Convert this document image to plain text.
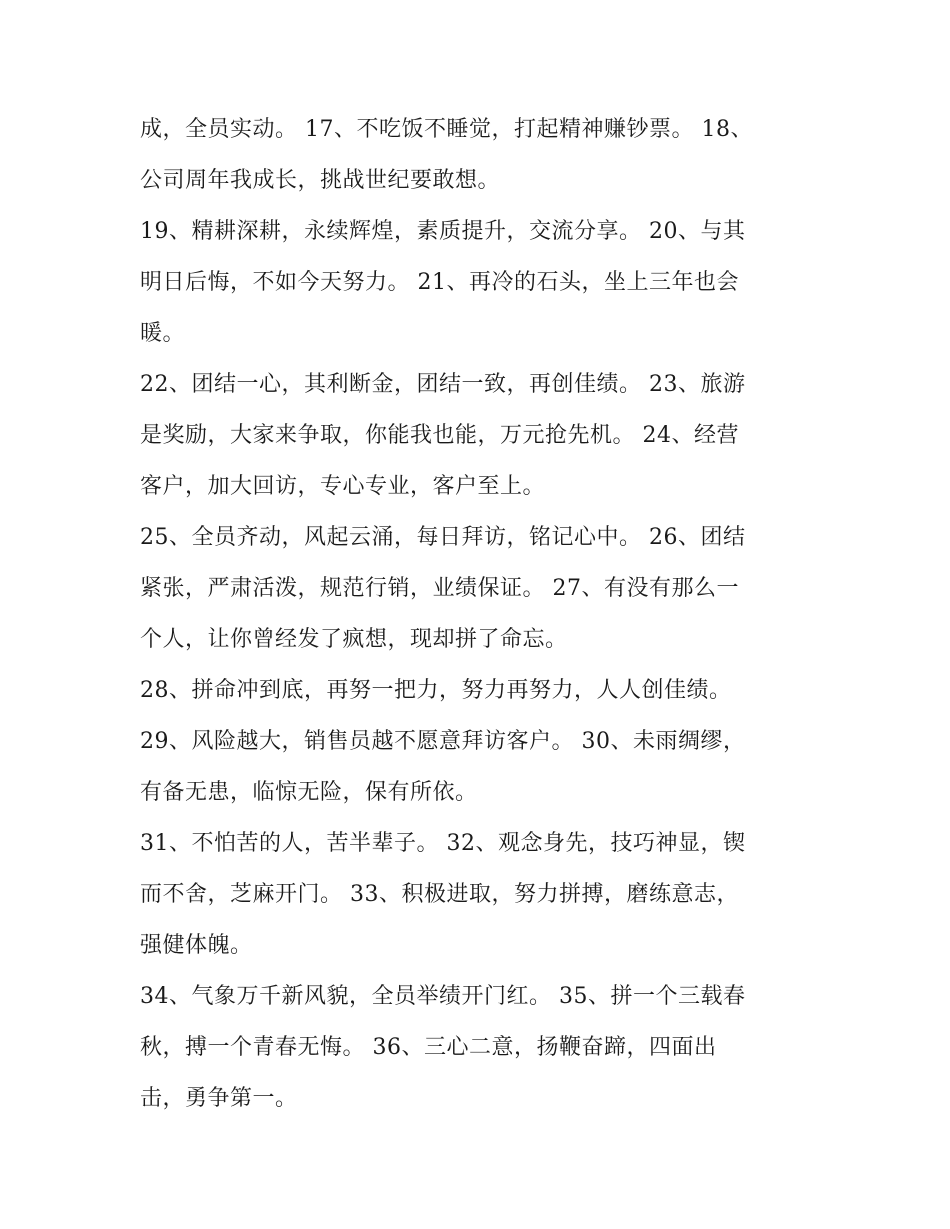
成，全员实动。 17、不吃饭不睡觉，打起精神赚钞票。 18、
公司周年我成长，挑战世纪要敢想。

19、精耕深耕，永续辉煌，素质提升，交流分享。 20、与其
明日后悔，不如今天努力。 21、再冷的石头，坐上三年也会
暖。

22、团结一心，其利断金，团结一致，再创佳绩。 23、旅游
是奖励，大家来争取，你能我也能，万元抢先机。 24、经营
客户，加大回访，专心专业，客户至上。

25、全员齐动，风起云涌，每日拜访，铭记心中。 26、团结
紧张，严肃活泼，规范行销，业绩保证。 27、有没有那么一
个人，让你曾经发了疯想，现却拼了命忘。

28、拼命冲到底，再努一把力，努力再努力，人人创佳绩。

29、风险越大，销售员越不愿意拜访客户。 30、未雨绸缪，
有备无患，临惊无险，保有所依。

31、不怕苦的人，苦半辈子。 32、观念身先，技巧神显，锲
而不舍，芝麻开门。 33、积极进取，努力拼搏，磨练意志，
强健体魄。

34、气象万千新风貌，全员举绩开门红。 35、拼一个三载春
秋，搏一个青春无悔。 36、三心二意，扬鞭奋蹄，四面出
击，勇争第一。
